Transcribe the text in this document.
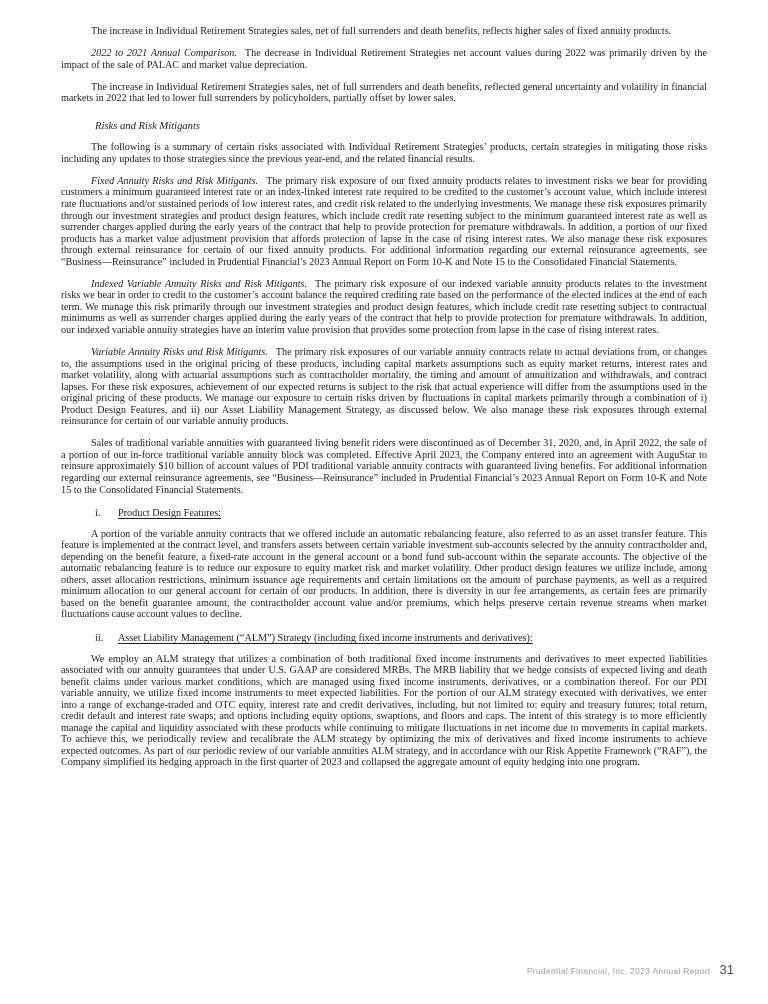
The increase in Individual Retirement Strategies sales, net of full surrenders and death benefits, reflects higher sales of fixed annuity products.

2022 to 2021 Annual Comparison. The decrease in Individual Retirement Strategies net account values during 2022 was primarily driven by the impact of the sale of PALAC and market value depreciation.

The increase in Individual Retirement Strategies sales, net of full surrenders and death benefits, reflected general uncertainty and volatility in financial markets in 2022 that led to lower full surrenders by policyholders, partially offset by lower sales.

Risks and Risk Mitigants

The following is a summary of certain risks associated with Individual Retirement Strategies’ products, certain strategies in mitigating those risks including any updates to those strategies since the previous year-end, and the related financial results.

Fixed Annuity Risks and Risk Mitigants. The primary risk exposure of our fixed annuity products relates to investment risks we bear for providing customers a minimum guaranteed interest rate or an index-linked interest rate required to be credited to the customer’s account value, which include interest rate fluctuations and/or sustained periods of low interest rates, and credit risk related to the underlying investments. We manage these risk exposures primarily through our investment strategies and product design features, which include credit rate resetting subject to the minimum guaranteed interest rate as well as surrender charges applied during the early years of the contract that help to provide protection for premature withdrawals. In addition, a portion of our fixed products has a market value adjustment provision that affords protection of lapse in the case of rising interest rates. We also manage these risk exposures through external reinsurance for certain of our fixed annuity products. For additional information regarding our external reinsurance agreements, see “Business—Reinsurance” included in Prudential Financial’s 2023 Annual Report on Form 10-K and Note 15 to the Consolidated Financial Statements.

Indexed Variable Annuity Risks and Risk Mitigants. The primary risk exposure of our indexed variable annuity products relates to the investment risks we bear in order to credit to the customer’s account balance the required crediting rate based on the performance of the elected indices at the end of each term. We manage this risk primarily through our investment strategies and product design features, which include credit rate resetting subject to contractual minimums as well as surrender charges applied during the early years of the contract that help to provide protection for premature withdrawals. In addition, our indexed variable annuity strategies have an interim value provision that provides some protection from lapse in the case of rising interest rates.

Variable Annuity Risks and Risk Mitigants. The primary risk exposures of our variable annuity contracts relate to actual deviations from, or changes to, the assumptions used in the original pricing of these products, including capital markets assumptions such as equity market returns, interest rates and market volatility, along with actuarial assumptions such as contractholder mortality, the timing and amount of annuitization and withdrawals, and contract lapses. For these risk exposures, achievement of our expected returns is subject to the risk that actual experience will differ from the assumptions used in the original pricing of these products. We manage our exposure to certain risks driven by fluctuations in capital markets primarily through a combination of i) Product Design Features, and ii) our Asset Liability Management Strategy, as discussed below. We also manage these risk exposures through external reinsurance for certain of our variable annuity products.

Sales of traditional variable annuities with guaranteed living benefit riders were discontinued as of December 31, 2020, and, in April 2022, the sale of a portion of our in-force traditional variable annuity block was completed. Effective April 2023, the Company entered into an agreement with AuguStar to reinsure approximately $10 billion of account values of PDI traditional variable annuity contracts with guaranteed living benefits. For additional information regarding our external reinsurance agreements, see “Business—Reinsurance” included in Prudential Financial’s 2023 Annual Report on Form 10-K and Note 15 to the Consolidated Financial Statements.

i. Product Design Features:

A portion of the variable annuity contracts that we offered include an automatic rebalancing feature, also referred to as an asset transfer feature. This feature is implemented at the contract level, and transfers assets between certain variable investment sub-accounts selected by the annuity contractholder and, depending on the benefit feature, a fixed-rate account in the general account or a bond fund sub-account within the separate accounts. The objective of the automatic rebalancing feature is to reduce our exposure to equity market risk and market volatility. Other product design features we utilize include, among others, asset allocation restrictions, minimum issuance age requirements and certain limitations on the amount of purchase payments, as well as a required minimum allocation to our general account for certain of our products. In addition, there is diversity in our fee arrangements, as certain fees are primarily based on the benefit guarantee amount, the contractholder account value and/or premiums, which helps preserve certain revenue streams when market fluctuations cause account values to decline.

ii. Asset Liability Management (“ALM”) Strategy (including fixed income instruments and derivatives):

We employ an ALM strategy that utilizes a combination of both traditional fixed income instruments and derivatives to meet expected liabilities associated with our annuity guarantees that under U.S. GAAP are considered MRBs. The MRB liability that we hedge consists of expected living and death benefit claims under various market conditions, which are managed using fixed income instruments, derivatives, or a combination thereof. For our PDI variable annuity, we utilize fixed income instruments to meet expected liabilities. For the portion of our ALM strategy executed with derivatives, we enter into a range of exchange-traded and OTC equity, interest rate and credit derivatives, including, but not limited to: equity and treasury futures; total return, credit default and interest rate swaps; and options including equity options, swaptions, and floors and caps. The intent of this strategy is to more efficiently manage the capital and liquidity associated with these products while continuing to mitigate fluctuations in net income due to movements in capital markets. To achieve this, we periodically review and recalibrate the ALM strategy by optimizing the mix of derivatives and fixed income instruments to achieve expected outcomes. As part of our periodic review of our variable annuities ALM strategy, and in accordance with our Risk Appetite Framework (“RAF”), the Company simplified its hedging approach in the first quarter of 2023 and collapsed the aggregate amount of equity hedging into one program.

Prudential Financial, Inc. 2023 Annual Report 31
